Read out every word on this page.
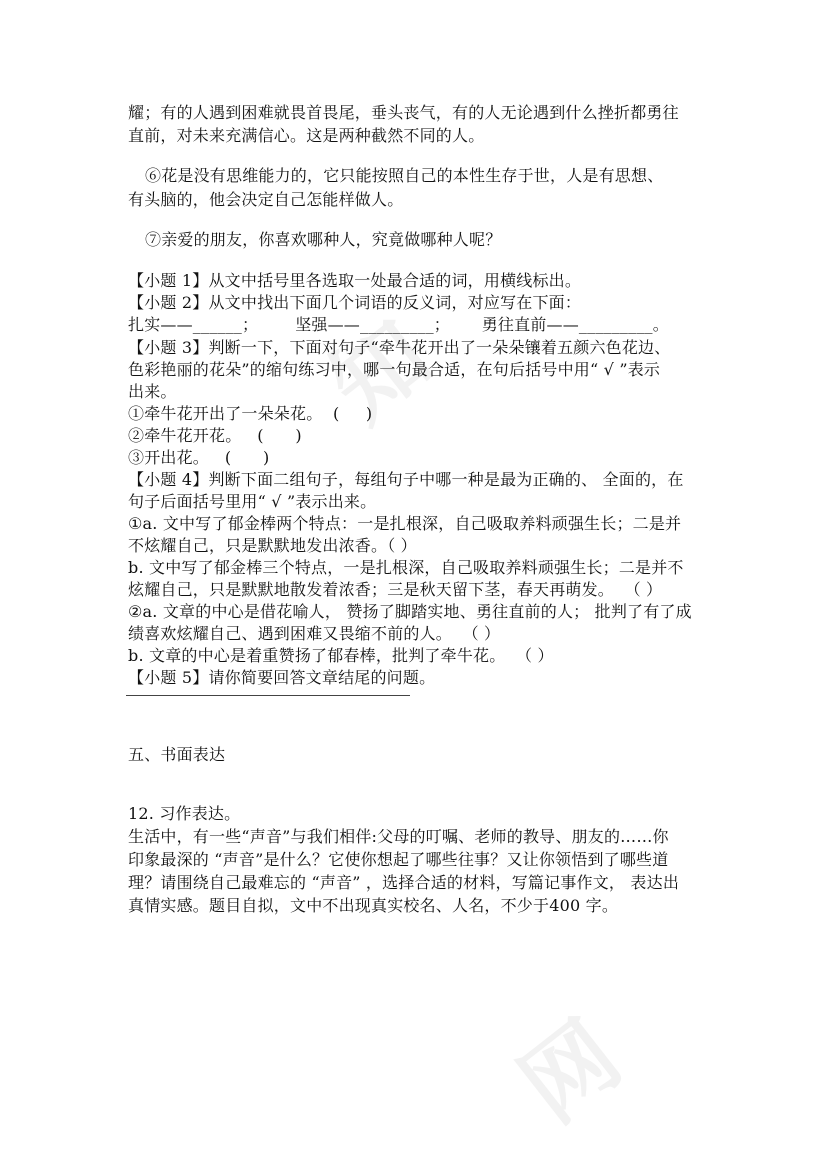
知
网
耀；有的人遇到困难就畏首畏尾，垂头丧气，有的人无论遇到什么挫折都勇往
直前，对未来充满信心。这是两种截然不同的人。
⑥花是没有思维能力的，它只能按照自己的本性生存于世，人是有思想、
有头脑的，他会决定自己怎能样做人。
⑦亲爱的朋友，你喜欢哪种人，究竟做哪种人呢？
【小题 1】从文中括号里各选取一处最合适的词，用横线标出。
【小题 2】从文中找出下面几个词语的反义词，对应写在下面：
扎实——______；       坚强——_________；      勇往直前——_________。
【小题 3】判断一下，下面对句子“牵牛花开出了一朵朵镶着五颜六色花边、
色彩艳丽的花朵”的缩句练习中，哪一句最合适，在句后括号中用“ √ ”表示
出来。
①牵牛花开出了一朵朵花。  (     )
②牵牛花开花。   (      )
③开出花。   (      )
【小题 4】判断下面二组句子，每组句子中哪一种是最为正确的、 全面的，在
句子后面括号里用“ √ ”表示出来。
①a. 文中写了郁金棒两个特点：一是扎根深，自己吸取养料顽强生长；二是并
不炫耀自己，只是默默地发出浓香。（ ）
b. 文中写了郁金棒三个特点，一是扎根深，自己吸取养料顽强生长；二是并不
炫耀自己，只是默默地散发着浓香；三是秋天留下茎，春天再萌发。  （ ）
②a. 文章的中心是借花喻人， 赞扬了脚踏实地、勇往直前的人； 批判了有了成
绩喜欢炫耀自己、遇到困难又畏缩不前的人。  （ ）
b. 文章的中心是着重赞扬了郁春棒，批判了牵牛花。  （ ）
【小题 5】请你简要回答文章结尾的问题。
五、书面表达
12. 习作表达。
生活中，有一些“声音”与我们相伴:父母的叮嘱、老师的教导、朋友的……你
印象最深的 “声音”是什么？它使你想起了哪些往事？又让你领悟到了哪些道
理？请围绕自己最难忘的 “声音” ，选择合适的材料，写篇记事作文， 表达出
真情实感。题目自拟，文中不出现真实校名、人名，不少于400 字。
